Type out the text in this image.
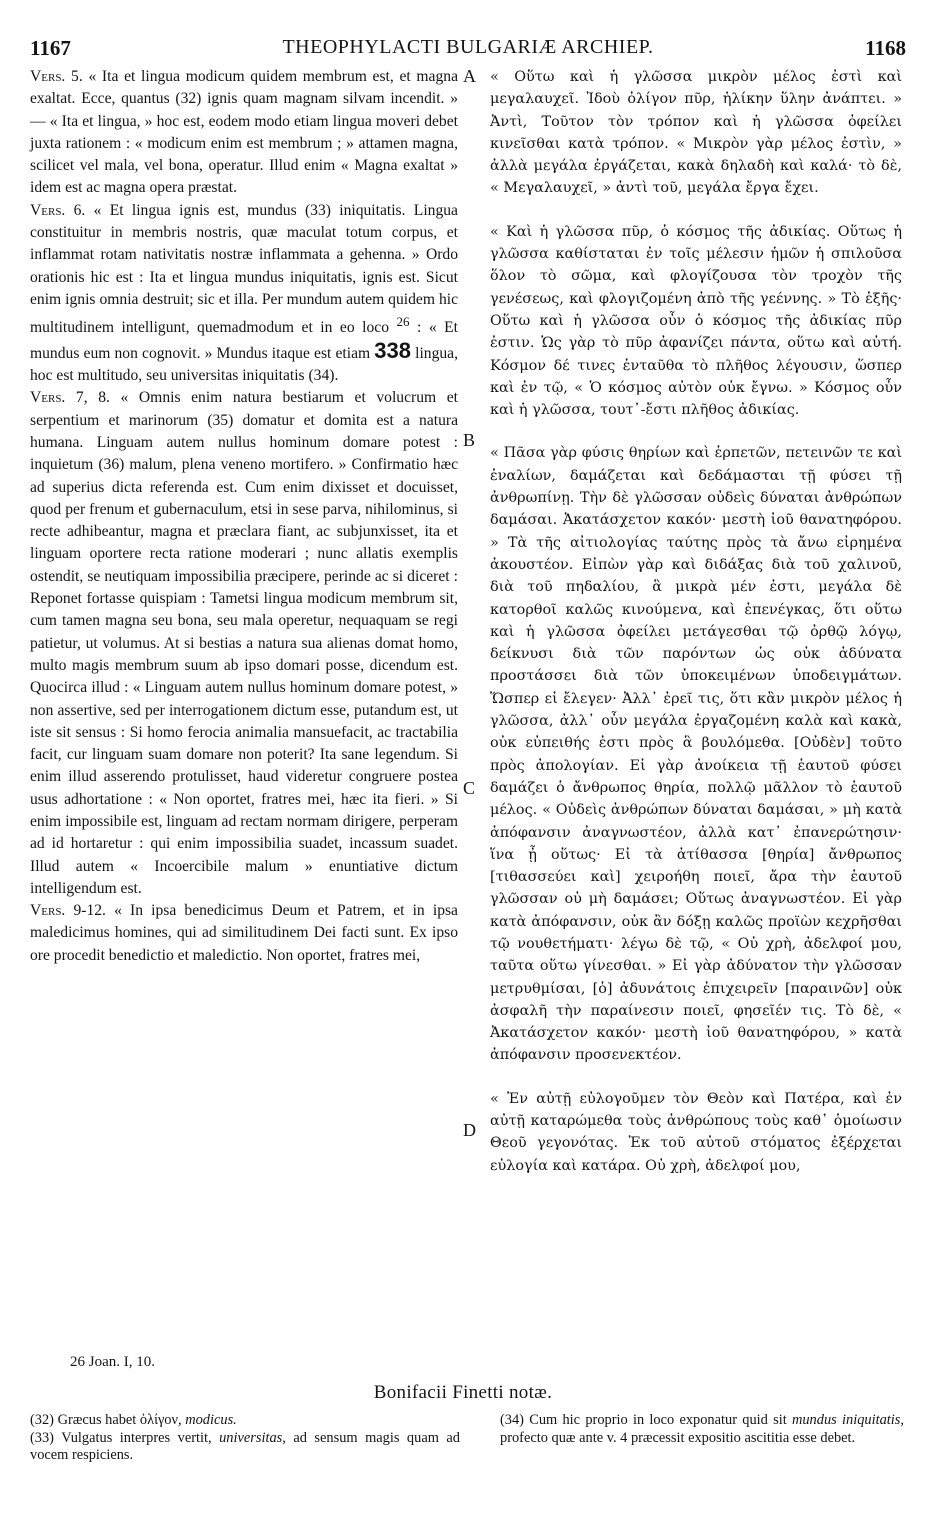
1167	THEOPHYLACTI BULGARIÆ ARCHIEP.	1168

Vers. 5. « Ita et lingua modicum quidem membrum est, et magna exaltat. Ecce, quantus (32) ignis quam magnam silvam incendit. » — « Ita et lingua, » hoc est, eodem modo etiam lingua moveri debet juxta rationem : « modicum enim est membrum ; » attamen magna, scilicet vel mala, vel bona, operatur. Illud enim « Magna exaltat » idem est ac magna opera præstat.

Vers. 6. « Et lingua ignis est, mundus (33) iniquitatis. Lingua constituitur in membris nostris, quæ maculat totum corpus, et inflammat rotam nativitatis nostræ inflammata a gehenna. » Ordo orationis hic est : Ita et lingua mundus iniquitatis, ignis est. Sicut enim ignis omnia destruit; sic et illa. Per mundum autem quidem hic multitudinem intelligunt, quemadmodum et in eo loco $^{26}$ : « Et mundus eum non cognovit. » Mundus itaque est etiam 338 lingua, hoc est multitudo, seu universitas iniquitatis (34).

Vers. 7, 8. « Omnis enim natura bestiarum et volucrum et serpentium et marinorum (35) domatur et domita est a natura humana. Linguam autem nullus hominum domare potest : inquietum (36) malum, plena veneno mortifero. » Confirmatio hæc ad superius dicta referenda est. Cum enim dixisset et docuisset, quod per frenum et gubernaculum, etsi in sese parva, nihilominus, si recte adhibeantur, magna et præclara fiant, ac subjunxisset, ita et linguam oportere recta ratione moderari ; nunc allatis exemplis ostendit, se neutiquam impossibilia præcipere, perinde ac si diceret : Reponet fortasse quispiam : Tametsi lingua modicum membrum sit, cum tamen magna seu bona, seu mala operetur, nequaquam se regi patietur, ut volumus. At si bestias a natura sua alienas domat homo, multo magis membrum suum ab ipso domari posse, dicendum est. Quocirca illud : « Linguam autem nullus hominum domare potest, » non assertive, sed per interrogationem dictum esse, putandum est, ut iste sit sensus : Si homo ferocia animalia mansuefacit, ac tractabilia facit, cur linguam suam domare non poterit? Ita sane legendum. Si enim illud asserendo protulisset, haud videretur congruere postea usus adhortatione : « Non oportet, fratres mei, hæc ita fieri. » Si enim impossibile est, linguam ad rectam normam dirigere, perperam ad id hortaretur : qui enim impossibilia suadet, incassum suadet. Illud autem « Incoercibile malum » enuntiative dictum intelligendum est.

Vers. 9-12. « In ipsa benedicimus Deum et Patrem, et in ipsa maledicimus homines, qui ad similitudinem Dei facti sunt. Ex ipso ore procedit benedictio et maledictio. Non oportet, fratres mei,

A
B
C
D

« Οὕτω καὶ ἡ γλῶσσα μικρὸν μέλος ἐστὶ καὶ μεγαλαυχεῖ. Ἰδοὺ ὀλίγον πῦρ, ἡλίκην ὕλην ἀνάπτει. » Ἀντὶ, Τοῦτον τὸν τρόπον καὶ ἡ γλῶσσα ὀφείλει κινεῖσθαι κατὰ τρόπον. « Μικρὸν γὰρ μέλος ἐστὶν, » ἀλλὰ μεγάλα ἐργάζεται, κακὰ δηλαδὴ καὶ καλά· τὸ δὲ, « Μεγαλαυχεῖ, » ἀντὶ τοῦ, μεγάλα ἔργα ἔχει.

« Καὶ ἡ γλῶσσα πῦρ, ὁ κόσμος τῆς ἀδικίας. Οὕτως ἡ γλῶσσα καθίσταται ἐν τοῖς μέλεσιν ἡμῶν ἡ σπιλοῦσα ὅλον τὸ σῶμα, καὶ φλογίζουσα τὸν τροχὸν τῆς γενέσεως, καὶ φλογιζομένη ἀπὸ τῆς γεέννης. » Τὸ ἑξῆς· Οὕτω καὶ ἡ γλῶσσα οὖν ὁ κόσμος τῆς ἀδικίας πῦρ ἐστιν. Ὡς γὰρ τὸ πῦρ ἀφανίζει πάντα, οὕτω καὶ αὐτή. Κόσμον δέ τινες ἐνταῦθα τὸ πλῆθος λέγουσιν, ὥσπερ καὶ ἐν τῷ, « Ὁ κόσμος αὐτὸν οὐκ ἔγνω. » Κόσμος οὖν καὶ ἡ γλῶσσα, τουτ᾽-ἔστι πλῆθος ἀδικίας.

« Πᾶσα γὰρ φύσις θηρίων καὶ ἑρπετῶν, πετεινῶν τε καὶ ἐναλίων, δαμάζεται καὶ δεδάμασται τῇ φύσει τῇ ἀνθρωπίνῃ. Τὴν δὲ γλῶσσαν οὐδεὶς δύναται ἀνθρώπων δαμάσαι. Ἀκατάσχετον κακόν· μεστὴ ἰοῦ θανατηφόρου. » Τὰ τῆς αἰτιολογίας ταύτης πρὸς τὰ ἄνω εἰρημένα ἀκουστέον. Εἰπὼν γὰρ καὶ διδάξας διὰ τοῦ χαλινοῦ, διὰ τοῦ πηδαλίου, ἃ μικρὰ μέν ἐστι, μεγάλα δὲ κατορθοῖ καλῶς κινούμενα, καὶ ἐπενέγκας, ὅτι οὕτω καὶ ἡ γλῶσσα ὀφείλει μετάγεσθαι τῷ ὀρθῷ λόγῳ, δείκνυσι διὰ τῶν παρόντων ὡς οὐκ ἀδύνατα προστάσσει διὰ τῶν ὑποκειμένων ὑποδειγμάτων. Ὥσπερ εἰ ἔλεγεν· Ἀλλ᾽ ἐρεῖ τις, ὅτι κἂν μικρὸν μέλος ἡ γλῶσσα, ἀλλ᾽ οὖν μεγάλα ἐργαζομένη καλὰ καὶ κακὰ, οὐκ εὐπειθής ἐστι πρὸς ἃ βουλόμεθα. [Οὐδὲν] τοῦτο πρὸς ἀπολογίαν. Εἰ γὰρ ἀνοίκεια τῇ ἑαυτοῦ φύσει δαμάζει ὁ ἄνθρωπος θηρία, πολλῷ μᾶλλον τὸ ἑαυτοῦ μέλος. « Οὐδεὶς ἀνθρώπων δύναται δαμάσαι, » μὴ κατὰ ἀπόφανσιν ἀναγνωστέον, ἀλλὰ κατ᾽ ἐπανερώτησιν· ἵνα ᾖ οὕτως· Εἰ τὰ ἀτίθασσα [θηρία] ἄνθρωπος [τιθασσεύει καὶ] χειροήθη ποιεῖ, ἄρα τὴν ἑαυτοῦ γλῶσσαν οὐ μὴ δαμάσει; Οὕτως ἀναγνωστέον. Εἰ γὰρ κατὰ ἀπόφανσιν, οὐκ ἂν δόξῃ καλῶς προϊὼν κεχρῆσθαι τῷ νουθετήματι· λέγω δὲ τῷ, « Οὐ χρὴ, ἀδελφοί μου, ταῦτα οὕτω γίνεσθαι. » Εἰ γὰρ ἀδύνατον τὴν γλῶσσαν μετρυθμίσαι, [ὁ] ἀδυνάτοις ἐπιχειρεῖν [παραινῶν] οὐκ ἀσφαλῆ τὴν παραίνεσιν ποιεῖ, φησεῖέν τις. Τὸ δὲ, « Ἀκατάσχετον κακόν· μεστὴ ἰοῦ θανατηφόρου, » κατὰ ἀπόφανσιν προσενεκτέον.

« Ἐν αὐτῇ εὐλογοῦμεν τὸν Θεὸν καὶ Πατέρα, καὶ ἐν αὐτῇ καταρώμεθα τοὺς ἀνθρώπους τοὺς καθ᾽ ὁμοίωσιν Θεοῦ γεγονότας. Ἐκ τοῦ αὐτοῦ στόματος ἐξέρχεται εὐλογία καὶ κατάρα. Οὐ χρὴ, ἀδελφοί μου,

26 Joan. I, 10.
Bonifacii Finetti notæ.

(32) Græcus habet ὀλίγον, modicus.

(33) Vulgatus interpres vertit, universitas, ad sensum magis quam ad vocem respiciens.

(34) Cum hic proprio in loco exponatur quid sit mundus iniquitatis, profecto quæ ante v. 4 præcessit expositio ascititia esse debet.
